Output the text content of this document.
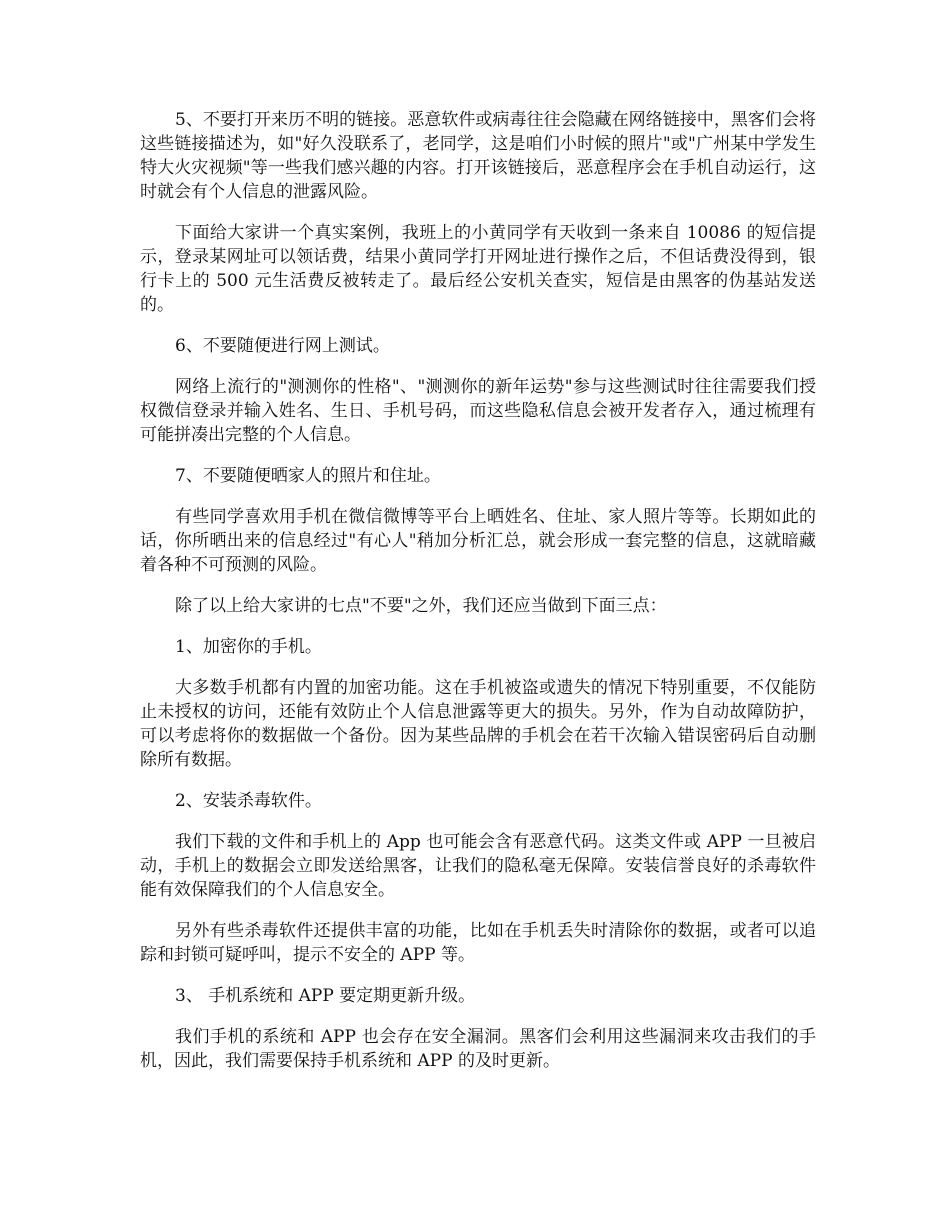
5、不要打开来历不明的链接。恶意软件或病毒往往会隐藏在网络链接中，黑客们会将这些链接描述为，如"好久没联系了，老同学，这是咱们小时候的照片"或"广州某中学发生特大火灾视频"等一些我们感兴趣的内容。打开该链接后，恶意程序会在手机自动运行，这时就会有个人信息的泄露风险。

下面给大家讲一个真实案例，我班上的小黄同学有天收到一条来自 10086 的短信提示，登录某网址可以领话费，结果小黄同学打开网址进行操作之后，不但话费没得到，银行卡上的 500 元生活费反被转走了。最后经公安机关查实，短信是由黑客的伪基站发送的。

6、不要随便进行网上测试。

网络上流行的"测测你的性格"、"测测你的新年运势"参与这些测试时往往需要我们授权微信登录并输入姓名、生日、手机号码，而这些隐私信息会被开发者存入，通过梳理有可能拼凑出完整的个人信息。

7、不要随便晒家人的照片和住址。

有些同学喜欢用手机在微信微博等平台上晒姓名、住址、家人照片等等。长期如此的话，你所晒出来的信息经过"有心人"稍加分析汇总，就会形成一套完整的信息，这就暗藏着各种不可预测的风险。

除了以上给大家讲的七点"不要"之外，我们还应当做到下面三点：

1、加密你的手机。

大多数手机都有内置的加密功能。这在手机被盗或遗失的情况下特别重要，不仅能防止未授权的访问，还能有效防止个人信息泄露等更大的损失。另外，作为自动故障防护，可以考虑将你的数据做一个备份。因为某些品牌的手机会在若干次输入错误密码后自动删除所有数据。

2、安装杀毒软件。

我们下载的文件和手机上的 App 也可能会含有恶意代码。这类文件或 APP 一旦被启动，手机上的数据会立即发送给黑客，让我们的隐私毫无保障。安装信誉良好的杀毒软件能有效保障我们的个人信息安全。

另外有些杀毒软件还提供丰富的功能，比如在手机丢失时清除你的数据，或者可以追踪和封锁可疑呼叫，提示不安全的 APP 等。

3、 手机系统和 APP 要定期更新升级。

我们手机的系统和 APP 也会存在安全漏洞。黑客们会利用这些漏洞来攻击我们的手机，因此，我们需要保持手机系统和 APP 的及时更新。
